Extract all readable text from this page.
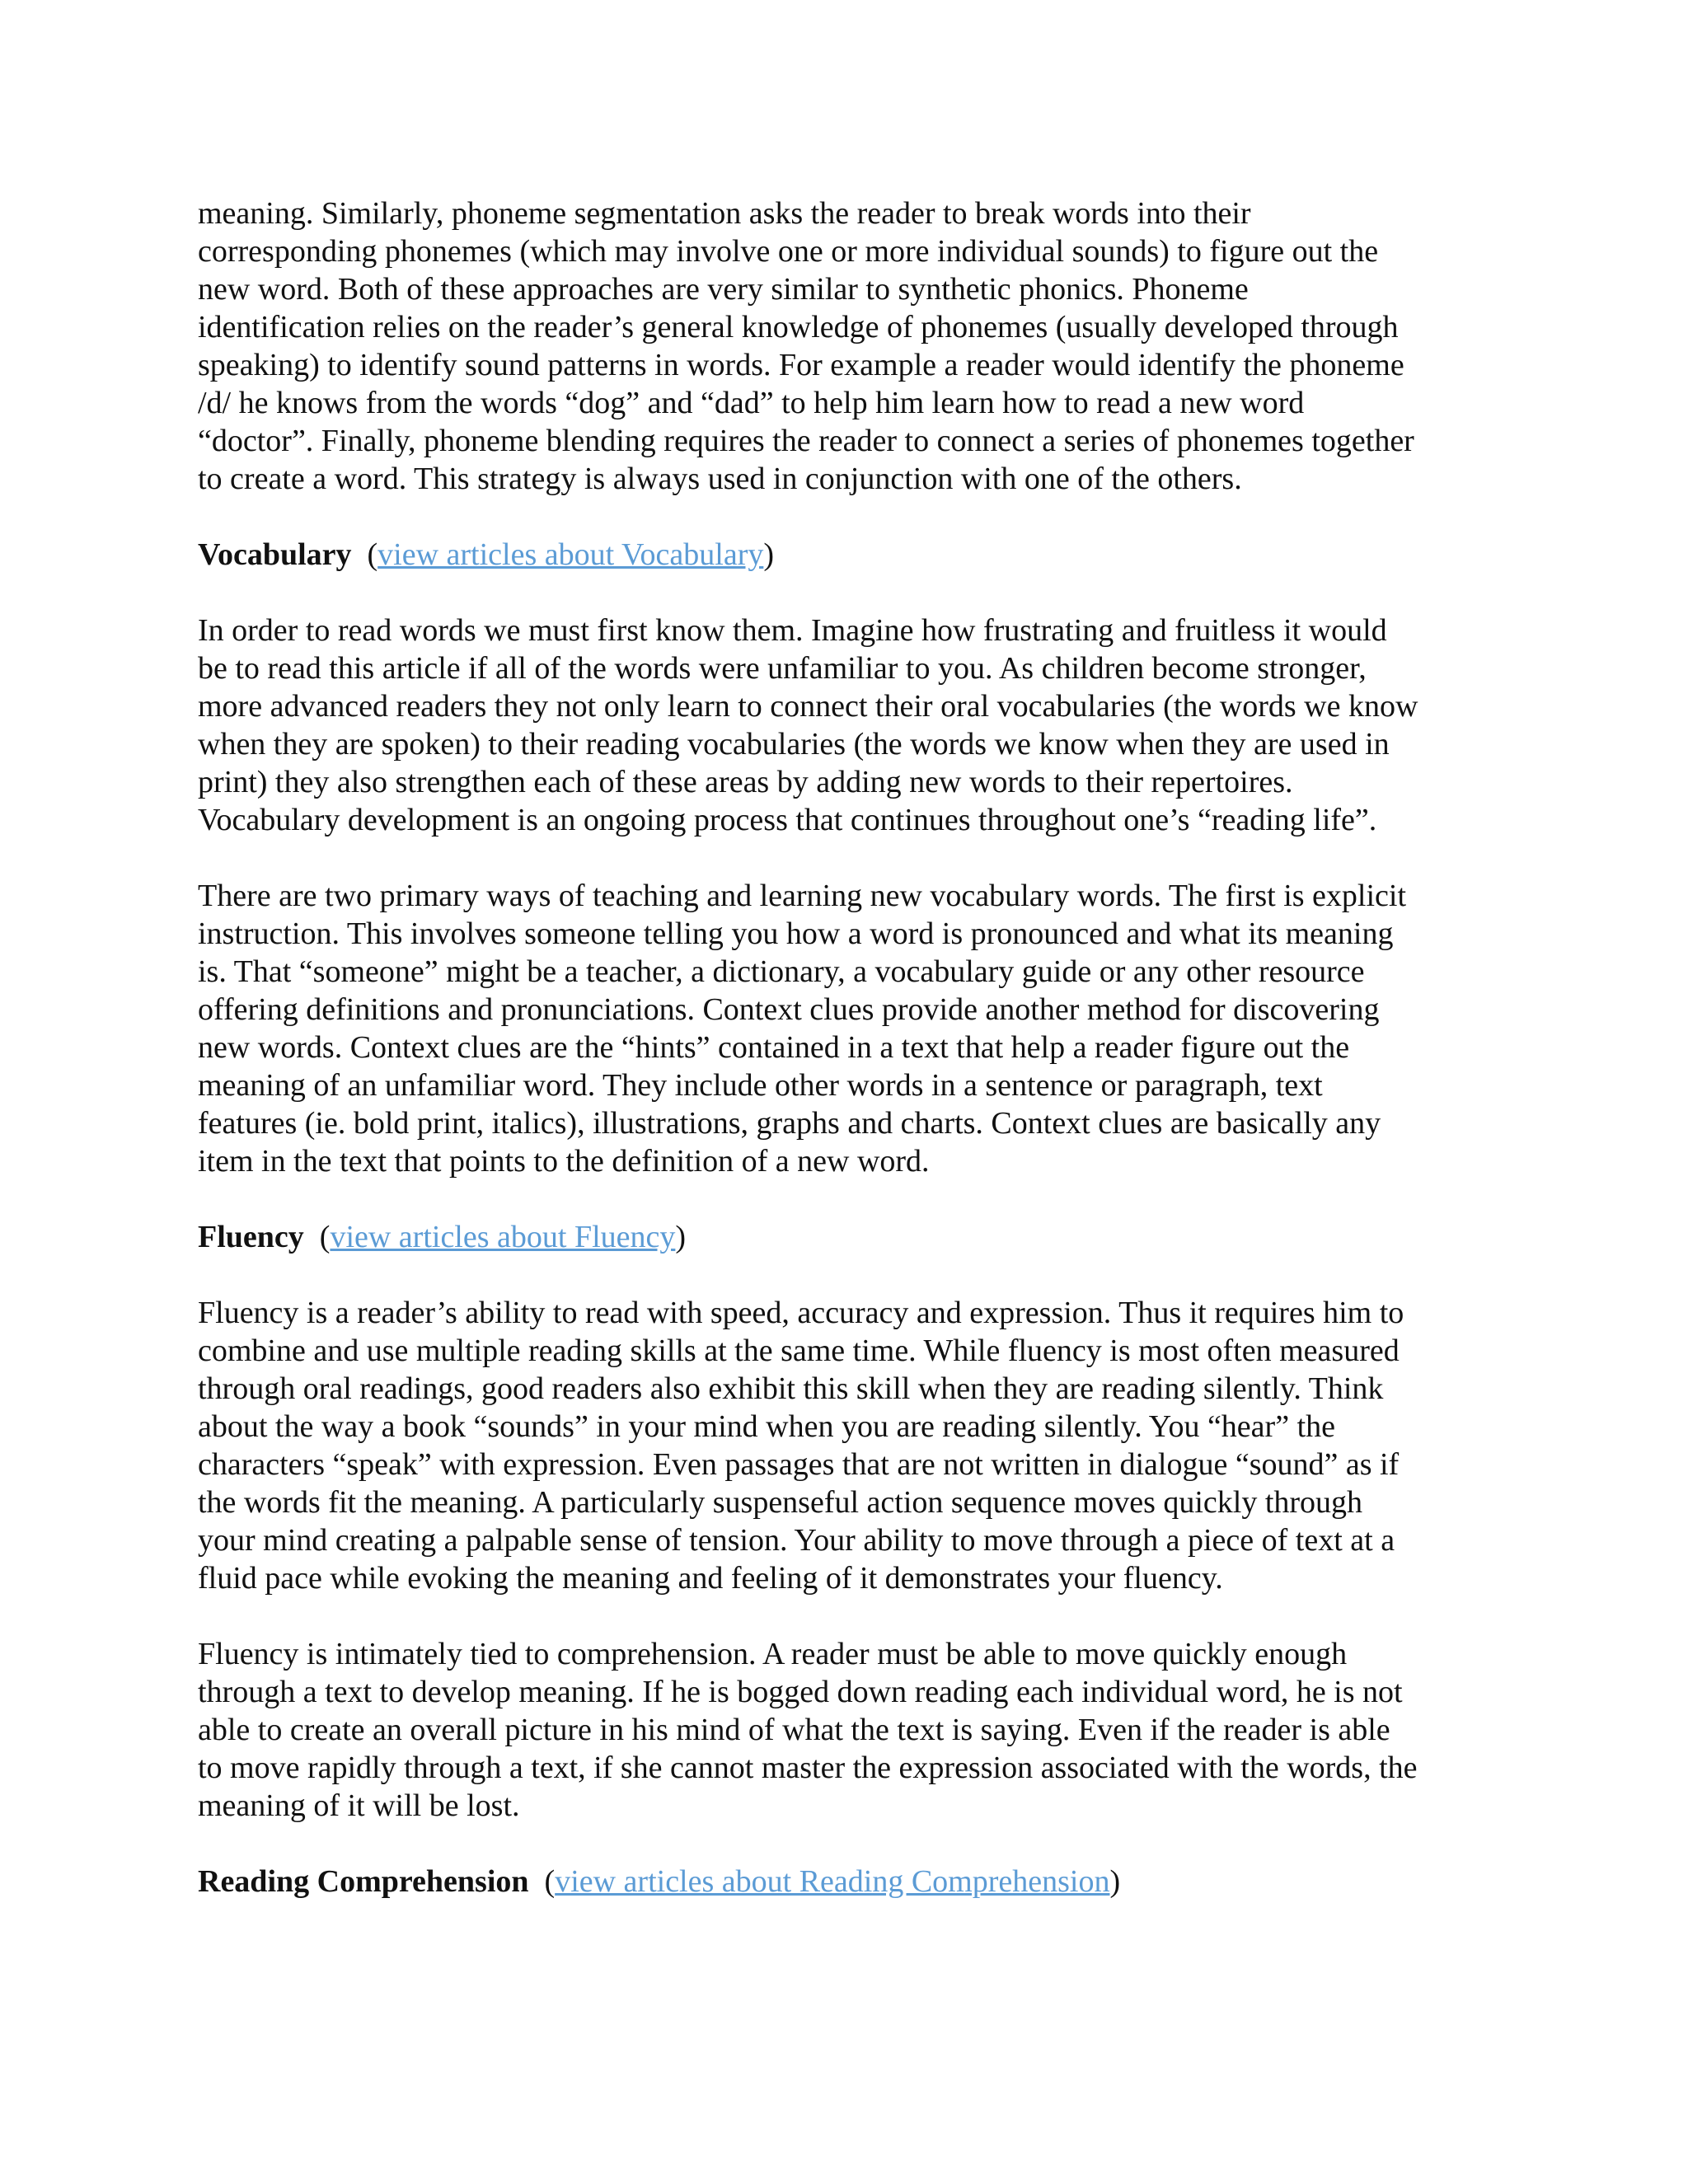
meaning. Similarly, phoneme segmentation asks the reader to break words into their
corresponding phonemes (which may involve one or more individual sounds) to figure out the
new word. Both of these approaches are very similar to synthetic phonics. Phoneme
identification relies on the reader’s general knowledge of phonemes (usually developed through
speaking) to identify sound patterns in words. For example a reader would identify the phoneme
/d/ he knows from the words “dog” and “dad” to help him learn how to read a new word
“doctor”. Finally, phoneme blending requires the reader to connect a series of phonemes together
to create a word. This strategy is always used in conjunction with one of the others.

Vocabulary  (view articles about Vocabulary)

In order to read words we must first know them. Imagine how frustrating and fruitless it would
be to read this article if all of the words were unfamiliar to you. As children become stronger,
more advanced readers they not only learn to connect their oral vocabularies (the words we know
when they are spoken) to their reading vocabularies (the words we know when they are used in
print) they also strengthen each of these areas by adding new words to their repertoires.
Vocabulary development is an ongoing process that continues throughout one’s “reading life”.

There are two primary ways of teaching and learning new vocabulary words. The first is explicit
instruction. This involves someone telling you how a word is pronounced and what its meaning
is. That “someone” might be a teacher, a dictionary, a vocabulary guide or any other resource
offering definitions and pronunciations. Context clues provide another method for discovering
new words. Context clues are the “hints” contained in a text that help a reader figure out the
meaning of an unfamiliar word. They include other words in a sentence or paragraph, text
features (ie. bold print, italics), illustrations, graphs and charts. Context clues are basically any
item in the text that points to the definition of a new word.

Fluency  (view articles about Fluency)

Fluency is a reader’s ability to read with speed, accuracy and expression. Thus it requires him to
combine and use multiple reading skills at the same time. While fluency is most often measured
through oral readings, good readers also exhibit this skill when they are reading silently. Think
about the way a book “sounds” in your mind when you are reading silently. You “hear” the
characters “speak” with expression. Even passages that are not written in dialogue “sound” as if
the words fit the meaning. A particularly suspenseful action sequence moves quickly through
your mind creating a palpable sense of tension. Your ability to move through a piece of text at a
fluid pace while evoking the meaning and feeling of it demonstrates your fluency.

Fluency is intimately tied to comprehension. A reader must be able to move quickly enough
through a text to develop meaning. If he is bogged down reading each individual word, he is not
able to create an overall picture in his mind of what the text is saying. Even if the reader is able
to move rapidly through a text, if she cannot master the expression associated with the words, the
meaning of it will be lost.

Reading Comprehension  (view articles about Reading Comprehension)
